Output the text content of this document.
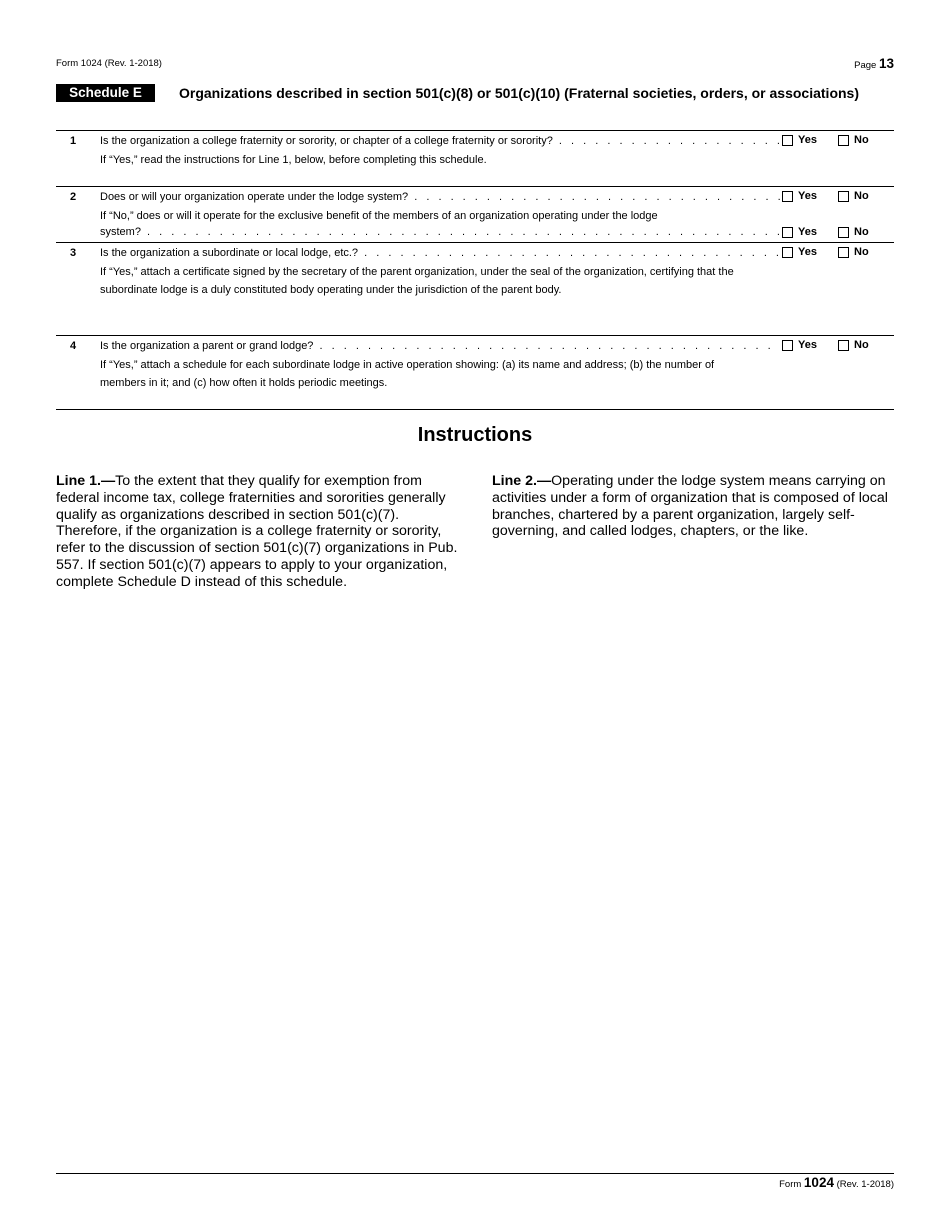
Form 1024 (Rev. 1-2018)	Page 13
Schedule E	Organizations described in section 501(c)(8) or 501(c)(10) (Fraternal societies, orders, or associations)
1 Is the organization a college fraternity or sorority, or chapter of a college fraternity or sorority? . . .	Yes	No
If “Yes,” read the instructions for Line 1, below, before completing this schedule.
2 Does or will your organization operate under the lodge system? . . .	Yes	No
If “No,” does or will it operate for the exclusive benefit of the members of an organization operating under the lodge
system? . . .	Yes	No
3 Is the organization a subordinate or local lodge, etc.? . . .	Yes	No
If “Yes,” attach a certificate signed by the secretary of the parent organization, under the seal of the organization, certifying that the subordinate lodge is a duly constituted body operating under the jurisdiction of the parent body.
4 Is the organization a parent or grand lodge? . . .	Yes	No
If “Yes,” attach a schedule for each subordinate lodge in active operation showing: (a) its name and address; (b) the number of members in it; and (c) how often it holds periodic meetings.
Instructions
Line 1.—To the extent that they qualify for exemption from federal income tax, college fraternities and sororities generally qualify as organizations described in section 501(c)(7). Therefore, if the organization is a college fraternity or sorority, refer to the discussion of section 501(c)(7) organizations in Pub. 557. If section 501(c)(7) appears to apply to your organization, complete Schedule D instead of this schedule.
Line 2.—Operating under the lodge system means carrying on activities under a form of organization that is composed of local branches, chartered by a parent organization, largely self-governing, and called lodges, chapters, or the like.
Form 1024 (Rev. 1-2018)
